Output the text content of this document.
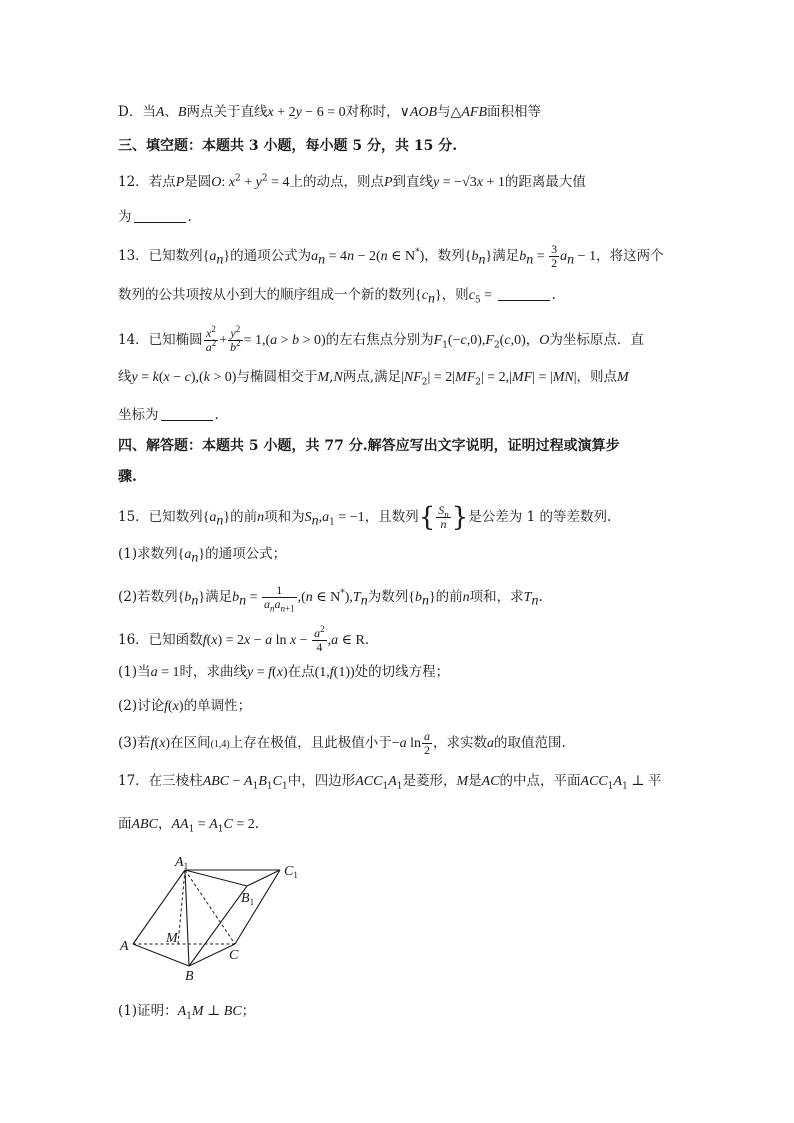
D．当A、B两点关于直线x + 2y − 6 = 0对称时，∨AOB与△AFB面积相等
三、填空题：本题共 3 小题，每小题 5 分，共 15 分.
12．若点P是圆O: $x^2 + y^2 = 4$上的动点，则点P到直线y = −√3x + 1的距离最大值
为	.
13．已知数列$\{a_n\}$的通项公式为$a_n = 4n - 2(n$ ∈ N*)，数列$\{b_n\}$满足$b_n = \frac{3}{2} a_n - 1$，将这两个
数列的公共项按从小到大的顺序组成一个新的数列$\{c_n\}$，则$c_5$ =	.
14．已知椭圆 $\frac{x^2}{a^2} + \frac{y^2}{b^2} = 1,(a > b > 0)$的左右焦点分别为$F_1(-c,0),F_2(c,0)$，O为坐标原点．直
线y = k(x − c),(k > 0)与椭圆相交于M,N两点,满足$|NF_2| = 2|MF_2| = 2,|MF| = |MN|$，则点M
坐标为	.
四、解答题：本题共 5 小题，共 77 分.解答应写出文字说明，证明过程或演算步
骤.
15．已知数列$\{a_n\}$的前n项和为$S_n,a_1 = -1$，且数列{ $\frac{S_n}{n}$ }是公差为 1 的等差数列.
(1)求数列$\{a_n\}$的通项公式；
(2)若数列$\{b_n\}$满足$b_n = \frac{1}{a_na_{n+1}} ,(n$ ∈ $N^*),T_n$为数列$\{b_n\}$的前n项和，求$T_n$.
16．已知函数f(x) = 2x − a $\ln x - \frac{a^2}{4} ,a$ ∈ R.
(1)当a = 1时，求曲线y = f(x)在点(1,f(1))处的切线方程；
(2)讨论f(x)的单调性；
(3)若f(x)在区间(1,4)上存在极值，且此极值小于−a $\ln \frac{a}{2}$ ，求实数a的取值范围.
17．在三棱柱ABC − $A_1B_1C_1$中，四边形$ACC_1A_1$是菱形，M是AC的中点，平面$ACC_1A_1$ ⊥ 平
面ABC，$AA_1 = A_1C = 2$.
$A_1$	$C_1$
$B_1$
A
M
C
B
(1)证明：$A_1M$ ⊥ BC；
